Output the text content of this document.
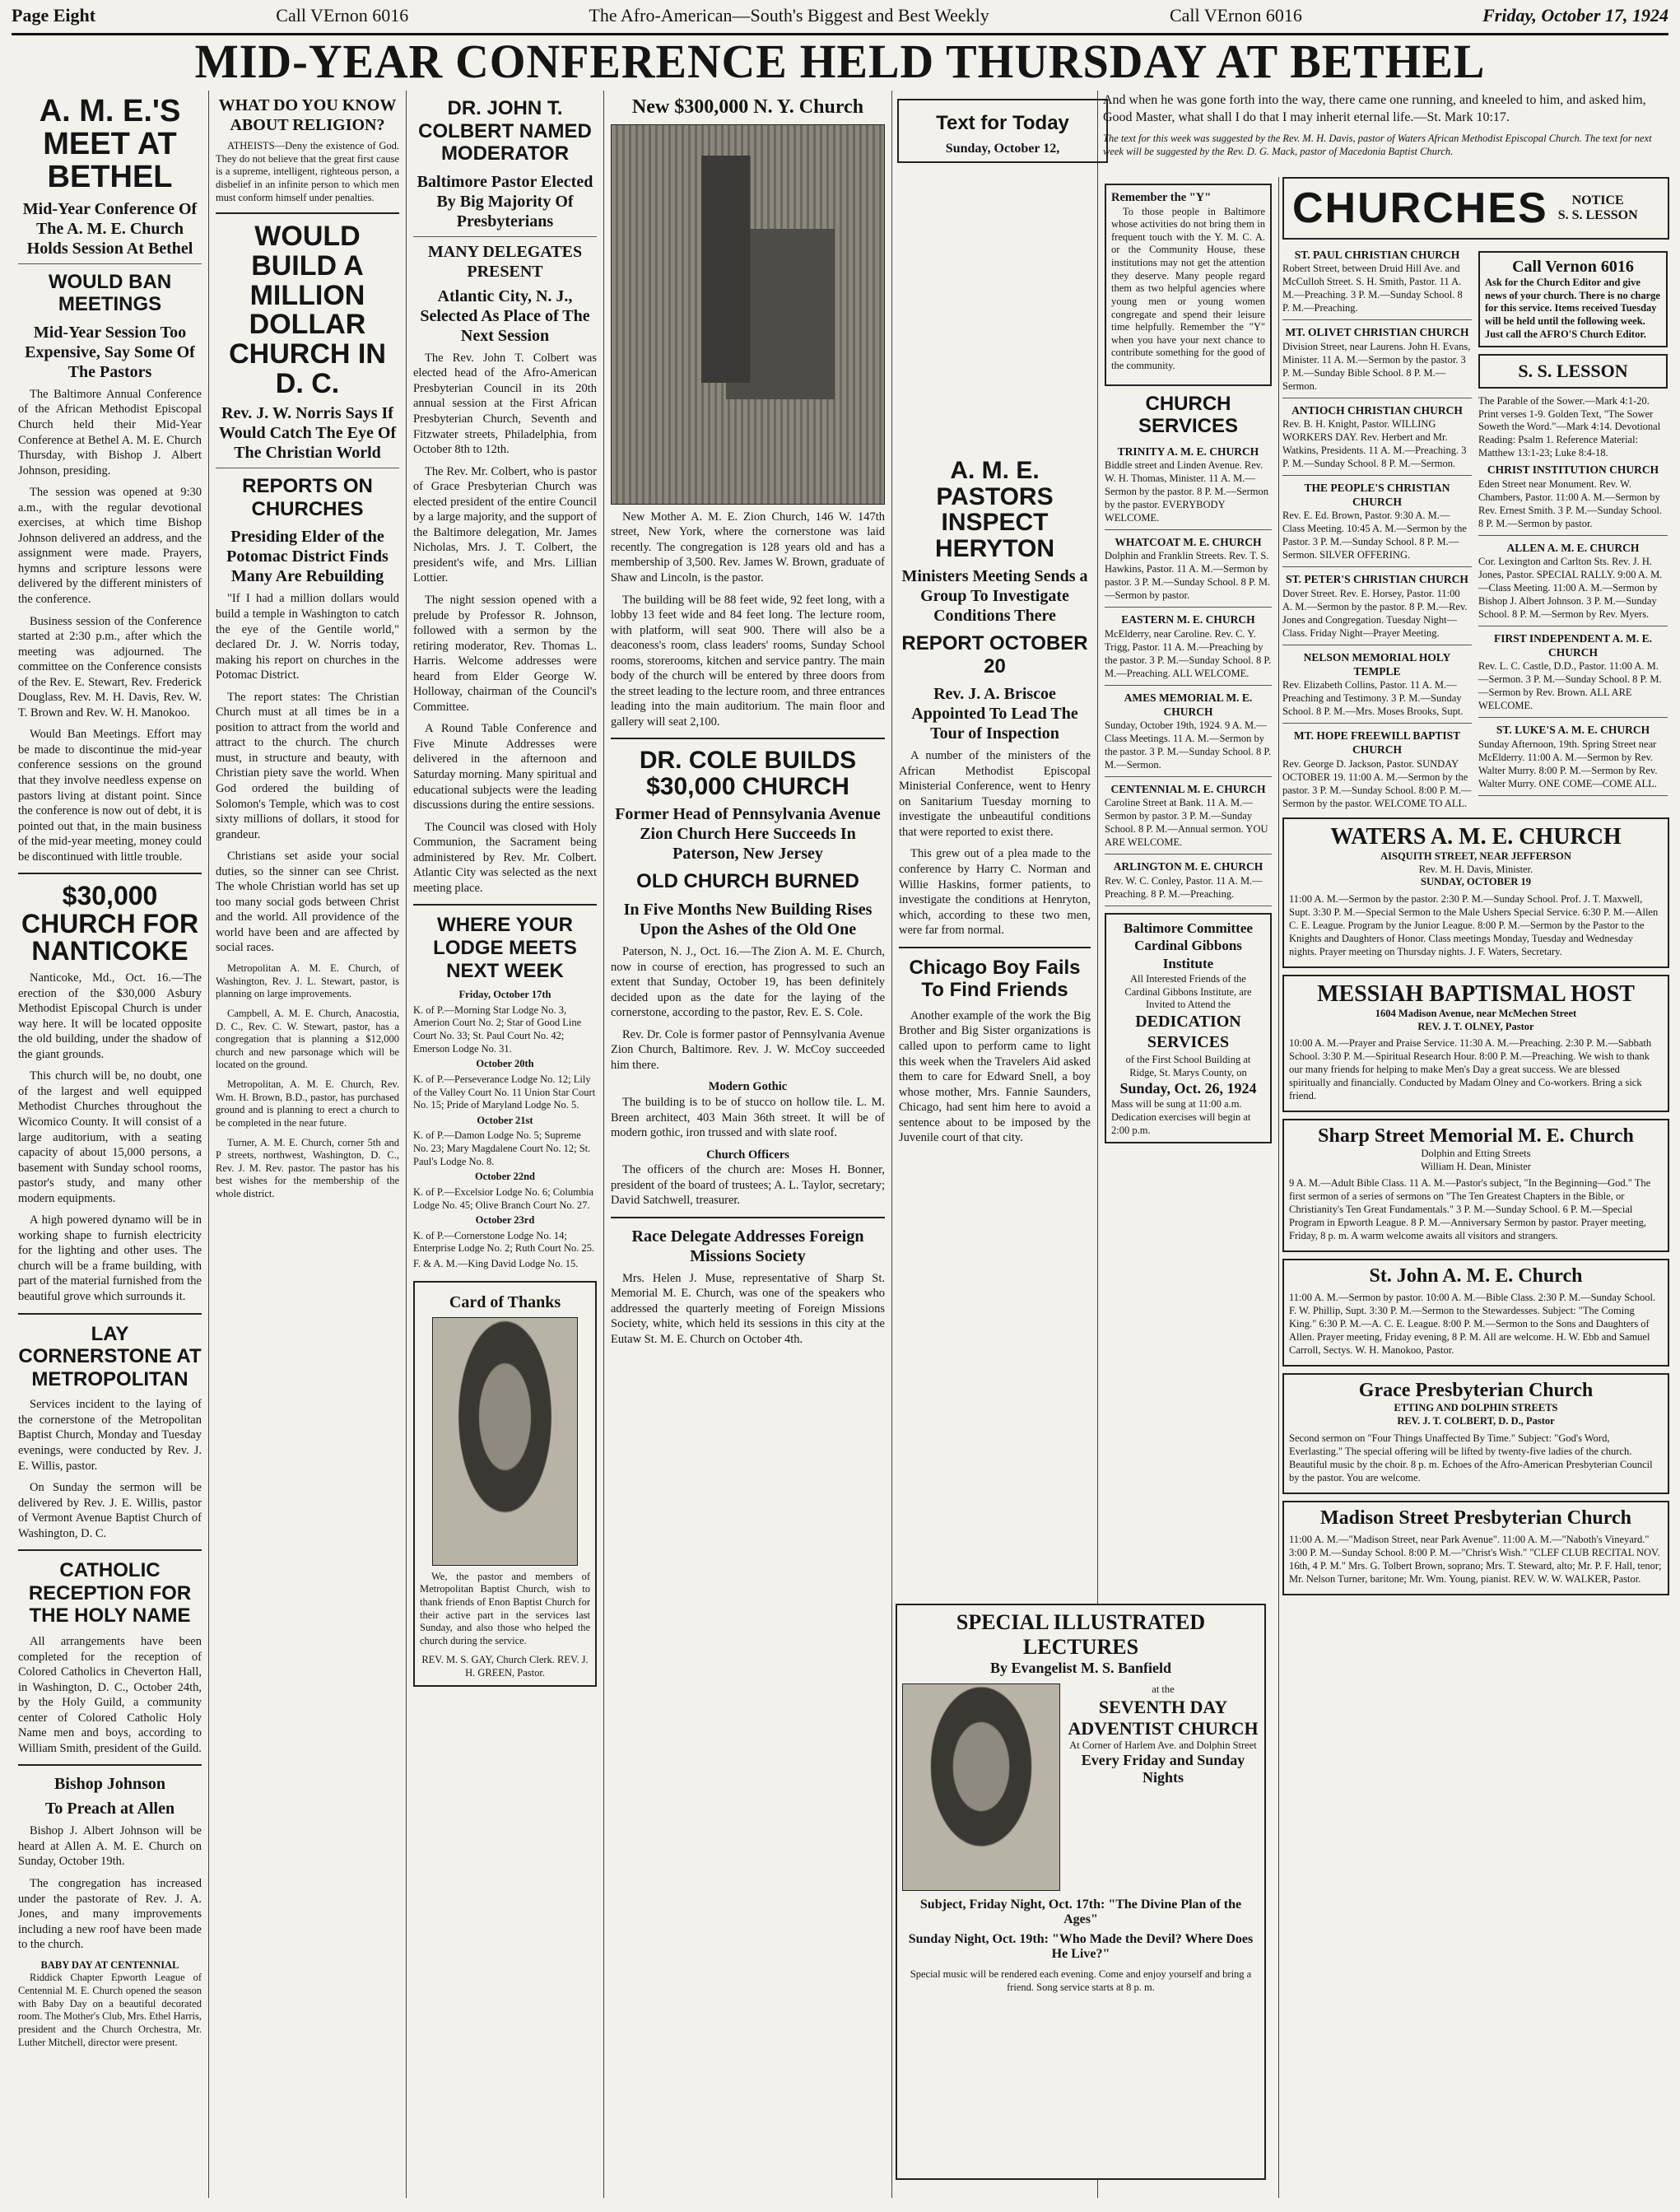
Page Eight	Call VErnon 6016	The Afro-American—South's Biggest and Best Weekly	Call VErnon 6016	Friday, October 17, 1924
MID-YEAR CONFERENCE HELD THURSDAY AT BETHEL
A. M. E.'S MEET AT BETHEL
Mid-Year Conference Of The A. M. E. Church Holds Session At Bethel
WOULD BAN MEETINGS
Mid-Year Session Too Expensive, Say Some Of The Pastors

The Baltimore Annual Conference of the African Methodist Episcopal Church held their Mid-Year Conference at Bethel A. M. E. Church Thursday, with Bishop J. Albert Johnson, presiding.

The session was opened at 9:30 a.m., with the regular devotional exercises, at which time Bishop Johnson delivered an address, and the assignment were made. Prayers, hymns and scripture lessons were delivered by the different ministers of the conference.

Business session of the Conference started at 2:30 p.m., after which the meeting was adjourned. The committee on the Conference consists of the Rev. E. Stewart, Rev. Frederick Douglass, Rev. M. H. Davis, Rev. W. T. Brown and Rev. W. H. Manokoo.

Would Ban Meetings. Effort may be made to discontinue the mid-year conference sessions on the ground that they involve needless expense on pastors living at distant point. Since the conference is now out of debt, it is pointed out that, in the main business of the mid-year meeting, money could be discontinued with little trouble.

$30,000 CHURCH FOR NANTICOKE

Nanticoke, Md., Oct. 16.—The erection of the $30,000 Asbury Methodist Episcopal Church is under way here. It will be located opposite the old building, under the shadow of the giant grounds.

This church will be, no doubt, one of the largest and well equipped Methodist Churches throughout the Wicomico County. It will consist of a large auditorium, with a seating capacity of about 15,000 persons, a basement with Sunday school rooms, pastor's study, and many other modern equipments.

A high powered dynamo will be in working shape to furnish electricity for the lighting and other uses. The church will be a frame building, with part of the material furnished from the beautiful grove which surrounds it.

LAY CORNERSTONE AT METROPOLITAN

Services incident to the laying of the cornerstone of the Metropolitan Baptist Church, Monday and Tuesday evenings, were conducted by Rev. J. E. Willis, pastor.

On Sunday the sermon will be delivered by Rev. J. E. Willis, pastor of Vermont Avenue Baptist Church of Washington, D. C.

CATHOLIC RECEPTION FOR THE HOLY NAME

All arrangements have been completed for the reception of Colored Catholics in Cheverton Hall, in Washington, D. C., October 24th, by the Holy Guild, a community center of Colored Catholic Holy Name men and boys, according to William Smith, president of the Guild.

Bishop Johnson
To Preach at Allen

Bishop J. Albert Johnson will be heard at Allen A. M. E. Church on Sunday, October 19th.

The congregation has increased under the pastorate of Rev. J. A. Jones, and many improvements including a new roof have been made to the church.

BABY DAY AT CENTENNIAL

Riddick Chapter Epworth League of Centennial M. E. Church opened the season with Baby Day on a beautiful decorated room. The Mother's Club, Mrs. Ethel Harris, president and the Church Orchestra, Mr. Luther Mitchell, director were present.

WHAT DO YOU KNOW ABOUT RELIGION?

ATHEISTS—Deny the existence of God. They do not believe that the great first cause is a supreme, intelligent, righteous person, a disbelief in an infinite person to which men must conform himself under penalties.

WOULD BUILD A MILLION DOLLAR CHURCH IN D. C.
Rev. J. W. Norris Says If Would Catch The Eye Of The Christian World
REPORTS ON CHURCHES
Presiding Elder of the Potomac District Finds Many Are Rebuilding

"If I had a million dollars would build a temple in Washington to catch the eye of the Gentile world," declared Dr. J. W. Norris today, making his report on churches in the Potomac District.

The report states: The Christian Church must at all times be in a position to attract from the world and attract to the church. The church must, in structure and beauty, with Christian piety save the world. When God ordered the building of Solomon's Temple, which was to cost sixty millions of dollars, it stood for grandeur.

Christians set aside your social duties, so the sinner can see Christ. The whole Christian world has set up too many social gods between Christ and the world. All providence of the world have been and are affected by social races.

Metropolitan A. M. E. Church, of Washington, Rev. J. L. Stewart, pastor, is planning on large improvements.

Campbell, A. M. E. Church, Anacostia, D. C., Rev. C. W. Stewart, pastor, has a congregation that is planning a $12,000 church and new parsonage which will be located on the ground.

Metropolitan, A. M. E. Church, Rev. Wm. H. Brown, B.D., pastor, has purchased ground and is planning to erect a church to be completed in the near future.

Turner, A. M. E. Church, corner 5th and P streets, northwest, Washington, D. C., Rev. J. M. Rev. pastor. The pastor has his best wishes for the membership of the whole district.

DR. JOHN T. COLBERT NAMED MODERATOR
Baltimore Pastor Elected By Big Majority Of Presbyterians
MANY DELEGATES PRESENT
Atlantic City, N. J., Selected As Place of The Next Session

The Rev. John T. Colbert was elected head of the Afro-American Presbyterian Council in its 20th annual session at the First African Presbyterian Church, Seventh and Fitzwater streets, Philadelphia, from October 8th to 12th.

The Rev. Mr. Colbert, who is pastor of Grace Presbyterian Church was elected president of the entire Council by a large majority, and the support of the Baltimore delegation, Mr. James Nicholas, Mrs. J. T. Colbert, the president's wife, and Mrs. Lillian Lottier.

The night session opened with a prelude by Professor R. Johnson, followed with a sermon by the retiring moderator, Rev. Thomas L. Harris. Welcome addresses were heard from Elder George W. Holloway, chairman of the Council's Committee.

A Round Table Conference and Five Minute Addresses were delivered in the afternoon and Saturday morning. Many spiritual and educational subjects were the leading discussions during the entire sessions.

The Council was closed with Holy Communion, the Sacrament being administered by Rev. Mr. Colbert. Atlantic City was selected as the next meeting place.

WHERE YOUR LODGE MEETS NEXT WEEK
Friday, October 17th
K. of P.—Morning Star Lodge No. 3, Amerion Court No. 2; Star of Good Line Court No. 33; St. Paul Court No. 42; Emerson Lodge No. 31.
October 20th
K. of P.—Perseverance Lodge No. 12; Lily of the Valley Court No. 11 Union Star Court No. 15; Pride of Maryland Lodge No. 5.
October 21st
K. of P.—Damon Lodge No. 5; Supreme No. 23; Mary Magdalene Court No. 12; St. Paul's Lodge No. 8.
October 22nd
K. of P.—Excelsior Lodge No. 6; Columbia Lodge No. 45; Olive Branch Court No. 27.
October 23rd
K. of P.—Cornerstone Lodge No. 14; Enterprise Lodge No. 2; Ruth Court No. 25.
F. & A. M.—King David Lodge No. 15.
Card of Thanks

We, the pastor and members of Metropolitan Baptist Church, wish to thank friends of Enon Baptist Church for their active part in the services last Sunday, and also those who helped the church during the service.

REV. M. S. GAY, Church Clerk. REV. J. H. GREEN, Pastor.
New $300,000 N. Y. Church

New Mother A. M. E. Zion Church, 146 W. 147th street, New York, where the cornerstone was laid recently. The congregation is 128 years old and has a membership of 3,500. Rev. James W. Brown, graduate of Shaw and Lincoln, is the pastor.

The building will be 88 feet wide, 92 feet long, with a lobby 13 feet wide and 84 feet long. The lecture room, with platform, will seat 900. There will also be a deaconess's room, class leaders' rooms, Sunday School rooms, storerooms, kitchen and service pantry. The main body of the church will be entered by three doors from the street leading to the lecture room, and three entrances leading into the main auditorium. The main floor and gallery will seat 2,100.

DR. COLE BUILDS $30,000 CHURCH
Former Head of Pennsylvania Avenue Zion Church Here Succeeds In Paterson, New Jersey
OLD CHURCH BURNED
In Five Months New Building Rises Upon the Ashes of the Old One

Paterson, N. J., Oct. 16.—The Zion A. M. E. Church, now in course of erection, has progressed to such an extent that Sunday, October 19, has been definitely decided upon as the date for the laying of the cornerstone, according to the pastor, Rev. E. S. Cole.

Rev. Dr. Cole is former pastor of Pennsylvania Avenue Zion Church, Baltimore. Rev. J. W. McCoy succeeded him there.

Modern Gothic

The building is to be of stucco on hollow tile. L. M. Breen architect, 403 Main 36th street. It will be of modern gothic, iron trussed and with slate roof.

Church Officers

The officers of the church are: Moses H. Bonner, president of the board of trustees; A. L. Taylor, secretary; David Satchwell, treasurer.

Race Delegate Addresses Foreign Missions Society

Mrs. Helen J. Muse, representative of Sharp St. Memorial M. E. Church, was one of the speakers who addressed the quarterly meeting of Foreign Missions Society, white, which held its sessions in this city at the Eutaw St. M. E. Church on October 4th.

A. M. E. PASTORS INSPECT HERYTON
Ministers Meeting Sends a Group To Investigate Conditions There
REPORT OCTOBER 20
Rev. J. A. Briscoe Appointed To Lead The Tour of Inspection

A number of the ministers of the African Methodist Episcopal Ministerial Conference, went to Henry on Sanitarium Tuesday morning to investigate the unbeautiful conditions that were reported to exist there.

This grew out of a plea made to the conference by Harry C. Norman and Willie Haskins, former patients, to investigate the conditions at Henryton, which, according to these two men, were far from normal.

Chicago Boy Fails To Find Friends

Another example of the work the Big Brother and Big Sister organizations is called upon to perform came to light this week when the Travelers Aid asked them to care for Edward Snell, a boy whose mother, Mrs. Fannie Saunders, Chicago, had sent him here to avoid a sentence about to be imposed by the Juvenile court of that city.

Text for Today
Sunday, October 12,
And when he was gone forth into the way, there came one running, and kneeled to him, and asked him, Good Master, what shall I do that I may inherit eternal life.—St. Mark 10:17.
The text for this week was suggested by the Rev. M. H. Davis, pastor of Waters African Methodist Episcopal Church. The text for next week will be suggested by the Rev. D. G. Mack, pastor of Macedonia Baptist Church.
Remember the "Y"

To those people in Baltimore whose activities do not bring them in frequent touch with the Y. M. C. A. or the Community House, these institutions may not get the attention they deserve. Many people regard them as two helpful agencies where young men or young women congregate and spend their leisure time helpfully. Remember the "Y" when you have your next chance to contribute something for the good of the community.

CHURCH SERVICES
TRINITY A. M. E. CHURCH
Biddle street and Linden Avenue. Rev. W. H. Thomas, Minister. 11 A. M.—Sermon by the pastor. 8 P. M.—Sermon by the pastor. EVERYBODY WELCOME.
WHATCOAT M. E. CHURCH
Dolphin and Franklin Streets. Rev. T. S. Hawkins, Pastor. 11 A. M.—Sermon by pastor. 3 P. M.—Sunday School. 8 P. M.—Sermon by pastor.
EASTERN M. E. CHURCH
McElderry, near Caroline. Rev. C. Y. Trigg, Pastor. 11 A. M.—Preaching by the pastor. 3 P. M.—Sunday School. 8 P. M.—Preaching. ALL WELCOME.
AMES MEMORIAL M. E. CHURCH
Sunday, October 19th, 1924. 9 A. M.—Class Meetings. 11 A. M.—Sermon by the pastor. 3 P. M.—Sunday School. 8 P. M.—Sermon.
CENTENNIAL M. E. CHURCH
Caroline Street at Bank. 11 A. M.—Sermon by pastor. 3 P. M.—Sunday School. 8 P. M.—Annual sermon. YOU ARE WELCOME.
ARLINGTON M. E. CHURCH
Rev. W. C. Conley, Pastor. 11 A. M.—Preaching. 8 P. M.—Preaching.
Baltimore Committee
Cardinal Gibbons Institute
All Interested Friends of the Cardinal Gibbons Institute, are Invited to Attend the
DEDICATION SERVICES
of the First School Building at Ridge, St. Marys County, on
Sunday, Oct. 26, 1924
Mass will be sung at 11:00 a.m. Dedication exercises will begin at 2:00 p.m.
SPECIAL ILLUSTRATED LECTURES
By Evangelist M. S. Banfield
at the
SEVENTH DAY ADVENTIST CHURCH
At Corner of Harlem Ave. and Dolphin Street
Every Friday and Sunday Nights
Subject, Friday Night, Oct. 17th: "The Divine Plan of the Ages"
Sunday Night, Oct. 19th: "Who Made the Devil? Where Does He Live?"
Special music will be rendered each evening. Come and enjoy yourself and bring a friend. Song service starts at 8 p. m.
CHURCHES	NOTICE
S. S. LESSON
ST. PAUL CHRISTIAN CHURCH
Robert Street, between Druid Hill Ave. and McCulloh Street. S. H. Smith, Pastor. 11 A. M.—Preaching. 3 P. M.—Sunday School. 8 P. M.—Preaching.
MT. OLIVET CHRISTIAN CHURCH
Division Street, near Laurens. John H. Evans, Minister. 11 A. M.—Sermon by the pastor. 3 P. M.—Sunday Bible School. 8 P. M.—Sermon.
ANTIOCH CHRISTIAN CHURCH
Rev. B. H. Knight, Pastor. WILLING WORKERS DAY. Rev. Herbert and Mr. Watkins, Presidents. 11 A. M.—Preaching. 3 P. M.—Sunday School. 8 P. M.—Sermon.
THE PEOPLE'S CHRISTIAN CHURCH
Rev. E. Ed. Brown, Pastor. 9:30 A. M.—Class Meeting. 10:45 A. M.—Sermon by the Pastor. 3 P. M.—Sunday School. 8 P. M.—Sermon. SILVER OFFERING.
ST. PETER'S CHRISTIAN CHURCH
Dover Street. Rev. E. Horsey, Pastor. 11:00 A. M.—Sermon by the pastor. 8 P. M.—Rev. Jones and Congregation. Tuesday Night—Class. Friday Night—Prayer Meeting.
NELSON MEMORIAL HOLY TEMPLE
Rev. Elizabeth Collins, Pastor. 11 A. M.—Preaching and Testimony. 3 P. M.—Sunday School. 8 P. M.—Mrs. Moses Brooks, Supt.
MT. HOPE FREEWILL BAPTIST CHURCH
Rev. George D. Jackson, Pastor. SUNDAY OCTOBER 19. 11:00 A. M.—Sermon by the pastor. 3 P. M.—Sunday School. 8:00 P. M.—Sermon by the pastor. WELCOME TO ALL.
Call Vernon 6016
Ask for the Church Editor and give news of your church. There is no charge for this service. Items received Tuesday will be held until the following week. Just call the AFRO'S Church Editor.
S. S. LESSON
The Parable of the Sower.—Mark 4:1-20. Print verses 1-9. Golden Text, "The Sower Soweth the Word."—Mark 4:14. Devotional Reading: Psalm 1. Reference Material: Matthew 13:1-23; Luke 8:4-18.
CHRIST INSTITUTION CHURCH
Eden Street near Monument. Rev. W. Chambers, Pastor. 11:00 A. M.—Sermon by Rev. Ernest Smith. 3 P. M.—Sunday School. 8 P. M.—Sermon by pastor.
ALLEN A. M. E. CHURCH
Cor. Lexington and Carlton Sts. Rev. J. H. Jones, Pastor. SPECIAL RALLY. 9:00 A. M.—Class Meeting. 11:00 A. M.—Sermon by Bishop J. Albert Johnson. 3 P. M.—Sunday School. 8 P. M.—Sermon by Rev. Myers.
FIRST INDEPENDENT A. M. E. CHURCH
Rev. L. C. Castle, D.D., Pastor. 11:00 A. M.—Sermon. 3 P. M.—Sunday School. 8 P. M.—Sermon by Rev. Brown. ALL ARE WELCOME.
ST. LUKE'S A. M. E. CHURCH
Sunday Afternoon, 19th. Spring Street near McElderry. 11:00 A. M.—Sermon by Rev. Walter Murry. 8:00 P. M.—Sermon by Rev. Walter Murry. ONE COME—COME ALL.
WATERS A. M. E. CHURCH
AISQUITH STREET, NEAR JEFFERSON
Rev. M. H. Davis, Minister.
SUNDAY, OCTOBER 19
11:00 A. M.—Sermon by the pastor. 2:30 P. M.—Sunday School. Prof. J. T. Maxwell, Supt. 3:30 P. M.—Special Sermon to the Male Ushers Special Service. 6:30 P. M.—Allen C. E. League. Program by the Junior League. 8:00 P. M.—Sermon by the Pastor to the Knights and Daughters of Honor. Class meetings Monday, Tuesday and Wednesday nights. Prayer meeting on Thursday nights. J. F. Waters, Secretary.
MESSIAH BAPTISMAL HOST
1604 Madison Avenue, near McMechen Street
REV. J. T. OLNEY, Pastor
10:00 A. M.—Prayer and Praise Service. 11:30 A. M.—Preaching. 2:30 P. M.—Sabbath School. 3:30 P. M.—Spiritual Research Hour. 8:00 P. M.—Preaching. We wish to thank our many friends for helping to make Men's Day a great success. We are blessed spiritually and financially. Conducted by Madam Olney and Co-workers. Bring a sick friend.
Sharp Street Memorial M. E. Church
Dolphin and Etting Streets
William H. Dean, Minister
9 A. M.—Adult Bible Class. 11 A. M.—Pastor's subject, "In the Beginning—God." The first sermon of a series of sermons on "The Ten Greatest Chapters in the Bible, or Christianity's Ten Great Fundamentals." 3 P. M.—Sunday School. 6 P. M.—Special Program in Epworth League. 8 P. M.—Anniversary Sermon by pastor. Prayer meeting, Friday, 8 p. m. A warm welcome awaits all visitors and strangers.
St. John A. M. E. Church
11:00 A. M.—Sermon by pastor. 10:00 A. M.—Bible Class. 2:30 P. M.—Sunday School. F. W. Phillip, Supt. 3:30 P. M.—Sermon to the Stewardesses. Subject: "The Coming King." 6:30 P. M.—A. C. E. League. 8:00 P. M.—Sermon to the Sons and Daughters of Allen. Prayer meeting, Friday evening, 8 P. M. All are welcome. H. W. Ebb and Samuel Carroll, Sectys. W. H. Manokoo, Pastor.
Grace Presbyterian Church
ETTING AND DOLPHIN STREETS
REV. J. T. COLBERT, D. D., Pastor
Second sermon on "Four Things Unaffected By Time." Subject: "God's Word, Everlasting." The special offering will be lifted by twenty-five ladies of the church. Beautiful music by the choir. 8 p. m. Echoes of the Afro-American Presbyterian Council by the pastor. You are welcome.
Madison Street Presbyterian Church
11:00 A. M.—"Madison Street, near Park Avenue". 11:00 A. M.—"Naboth's Vineyard." 3:00 P. M.—Sunday School. 8:00 P. M.—"Christ's Wish." "CLEF CLUB RECITAL NOV. 16th, 4 P. M." Mrs. G. Tolbert Brown, soprano; Mrs. T. Steward, alto; Mr. P. F. Hall, tenor; Mr. Nelson Turner, baritone; Mr. Wm. Young, pianist. REV. W. W. WALKER, Pastor.
